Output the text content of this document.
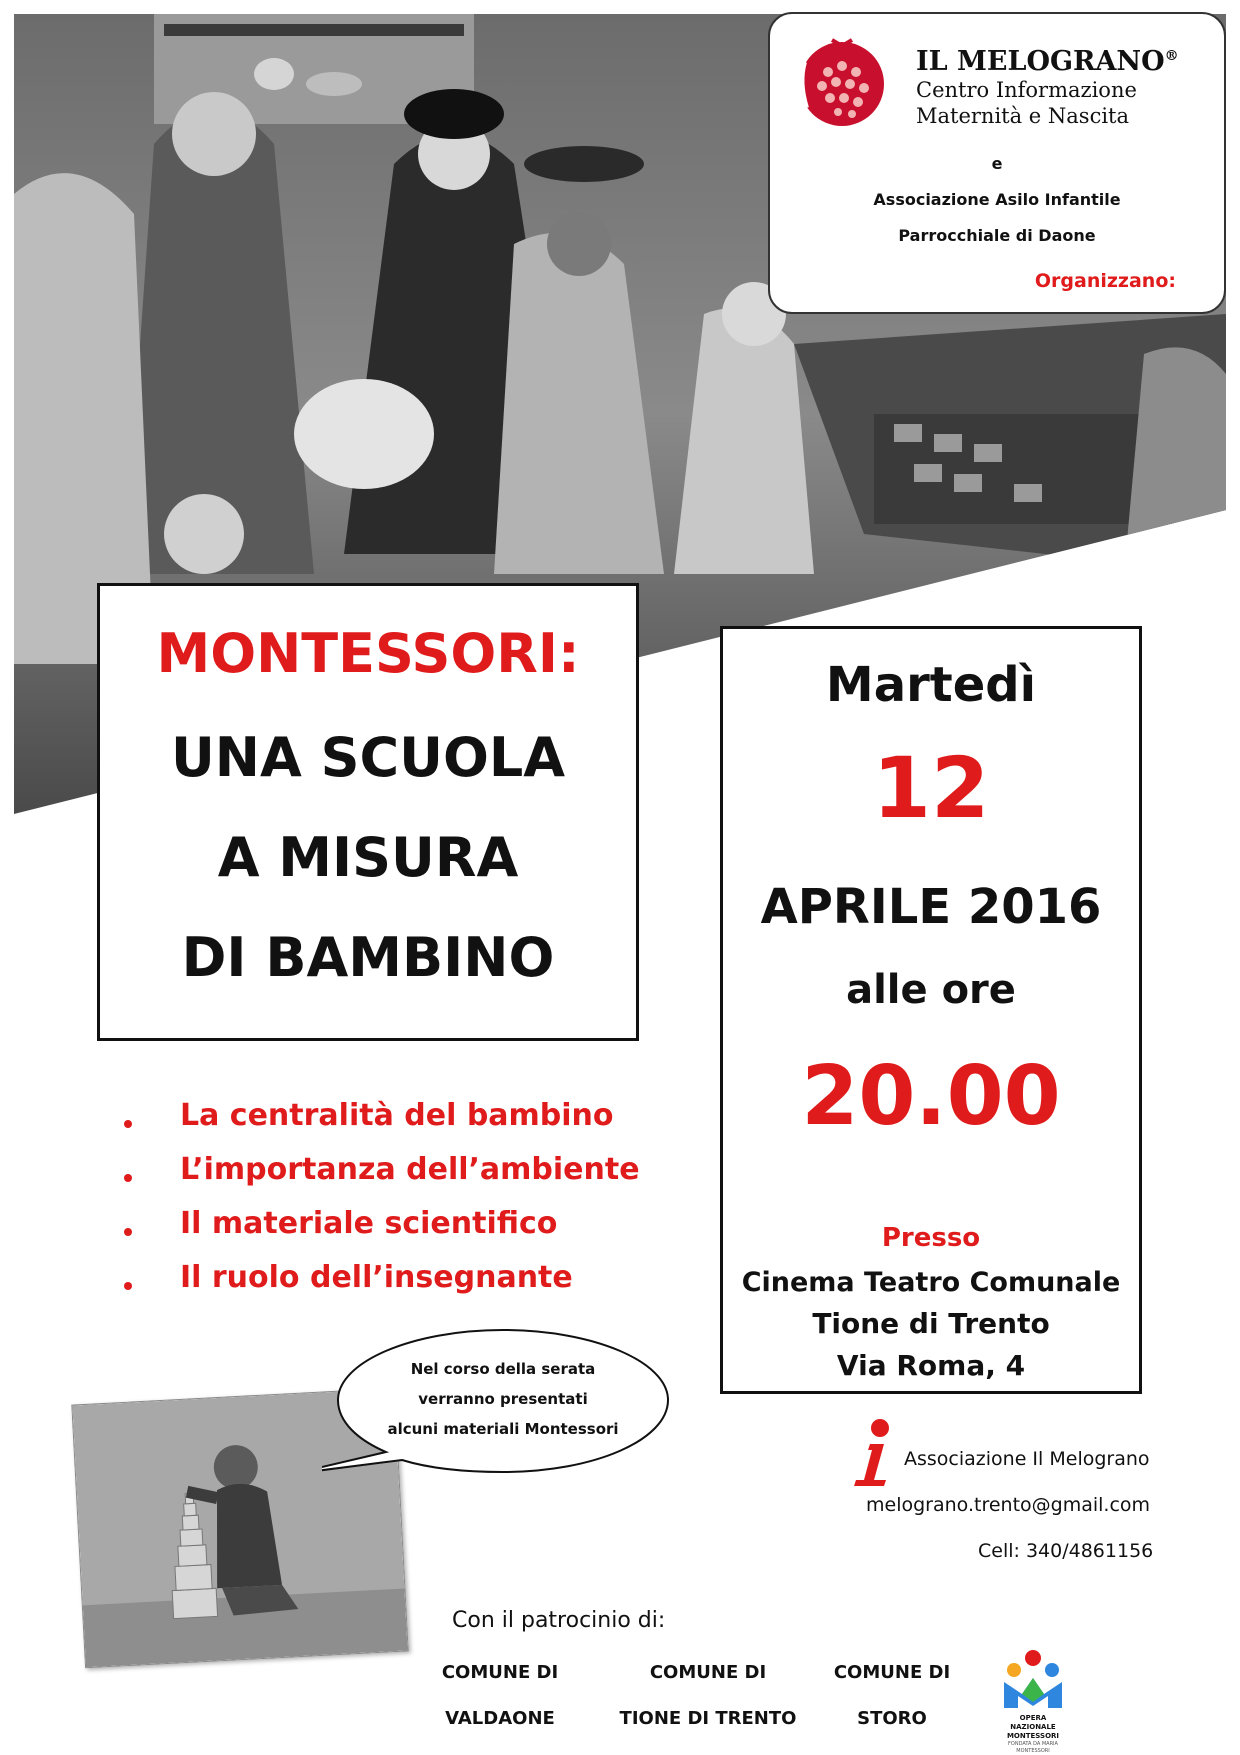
IL MELOGRANO®
Centro Informazione
Maternità e Nascita
e
Associazione Asilo Infantile
Parrocchiale di Daone
Organizzano:
MONTESSORI:
UNA SCUOLA
A MISURA
DI BAMBINO
Martedì
12
APRILE 2016
alle ore
20.00
Presso
Cinema Teatro Comunale
Tione di Trento
Via Roma, 4
La centralità del bambino
L’importanza dell’ambiente
Il materiale scientifico
Il ruolo dell’insegnante
Nel corso della serata
verranno presentati
alcuni materiali Montessori
Associazione Il Melograno
melograno.trento@gmail.com
Cell: 340/4861156
Con il patrocinio di:
COMUNE DI
VALDAONE
COMUNE DI
TIONE DI TRENTO
COMUNE DI
STORO	OPERA NAZIONALE
MONTESSORI
FONDATA DA MARIA MONTESSORI
